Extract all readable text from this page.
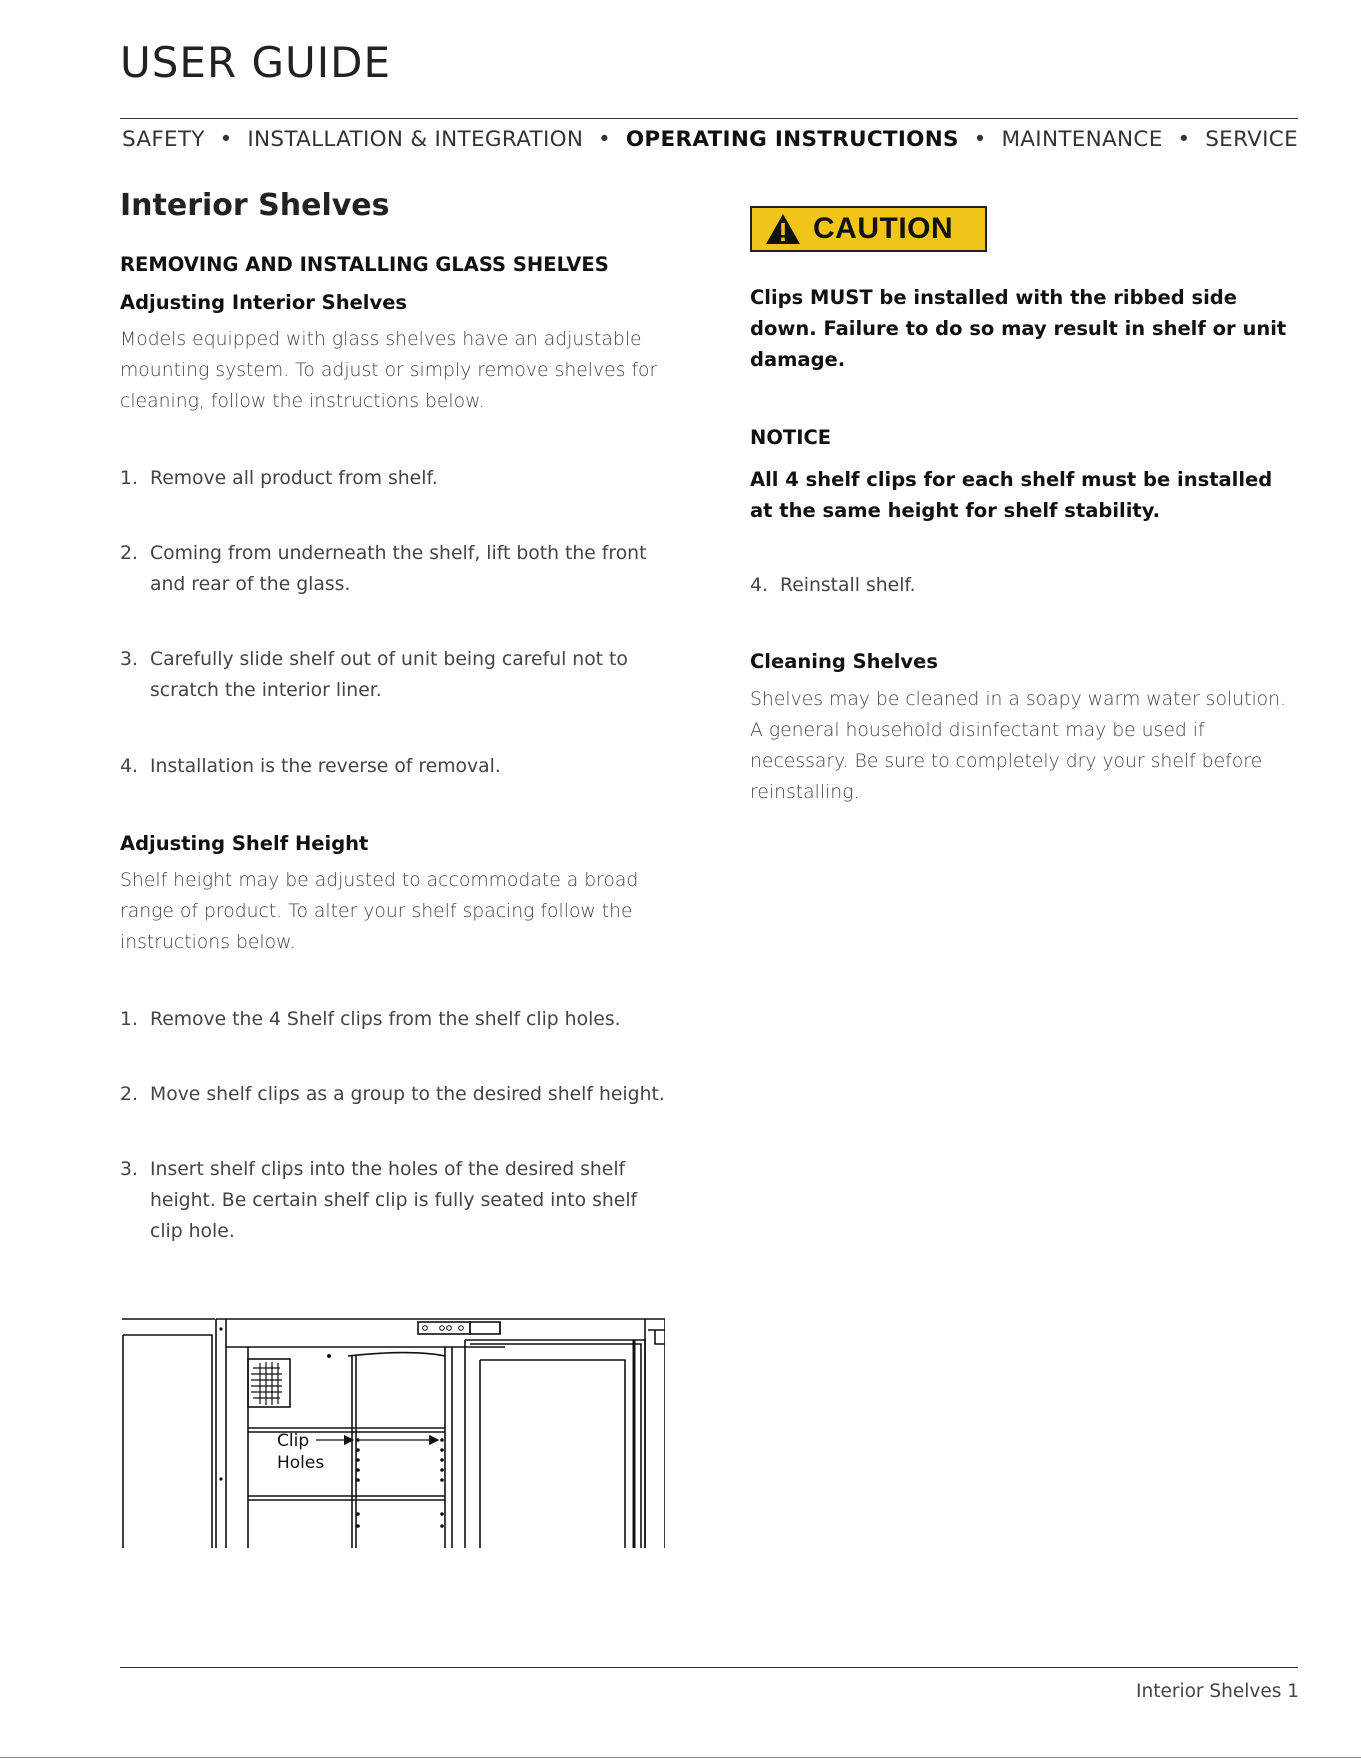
USER GUIDE
SAFETY • INSTALLATION & INTEGRATION • OPERATING INSTRUCTIONS • MAINTENANCE • SERVICE
Interior Shelves
REMOVING AND INSTALLING GLASS SHELVES
Adjusting Interior Shelves
Models equipped with glass shelves have an adjustable mounting system. To adjust or simply remove shelves for cleaning, follow the instructions below.
1. Remove all product from shelf.
2. Coming from underneath the shelf, lift both the front and rear of the glass.
3. Carefully slide shelf out of unit being careful not to scratch the interior liner.
4. Installation is the reverse of removal.
Adjusting Shelf Height
Shelf height may be adjusted to accommodate a broad range of product. To alter your shelf spacing follow the instructions below.
1. Remove the 4 Shelf clips from the shelf clip holes.
2. Move shelf clips as a group to the desired shelf height.
3. Insert shelf clips into the holes of the desired shelf height. Be certain shelf clip is fully seated into shelf clip hole.
Clip
Holes
CAUTION
Clips MUST be installed with the ribbed side down. Failure to do so may result in shelf or unit damage.
NOTICE
All 4 shelf clips for each shelf must be installed at the same height for shelf stability.
4. Reinstall shelf.
Cleaning Shelves
Shelves may be cleaned in a soapy warm water solution. A general household disinfectant may be used if necessary. Be sure to completely dry your shelf before reinstalling.
Interior Shelves 1
